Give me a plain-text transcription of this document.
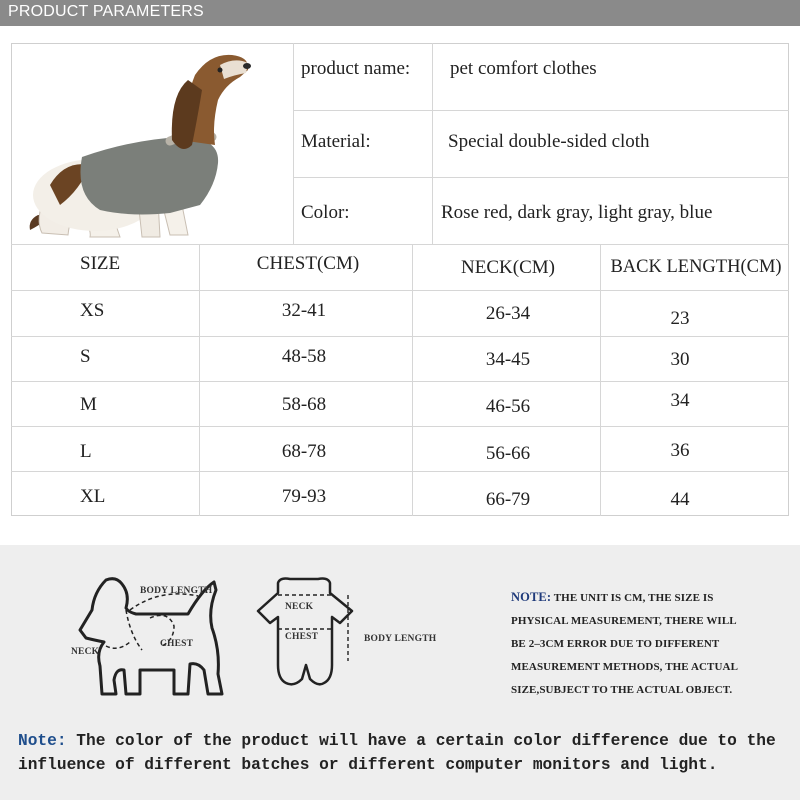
PRODUCT PARAMETERS
product name: pet comfort clothes
Material:	Special double-sided cloth
Color:	Rose red, dark gray, light gray, blue
SIZE	CHEST(CM)	NECK(CM)	BACK LENGTH(CM)
XS	32-41	26-34	23
S	48-58	34-45	30
M	58-68	46-56	34
L	68-78	56-66	36
XL	79-93	66-79	44
BODY LENGTH
CHEST
NECK
NECK
CHEST	BODY LENGTH
NOTE: THE UNIT IS CM, THE SIZE IS
PHYSICAL MEASUREMENT, THERE WILL
BE 2–3CM ERROR DUE TO DIFFERENT
MEASUREMENT METHODS, THE ACTUAL
SIZE,SUBJECT TO THE ACTUAL OBJECT.
Note: The color of the product will have a certain color difference due to the influence of different batches or different computer monitors and light.
